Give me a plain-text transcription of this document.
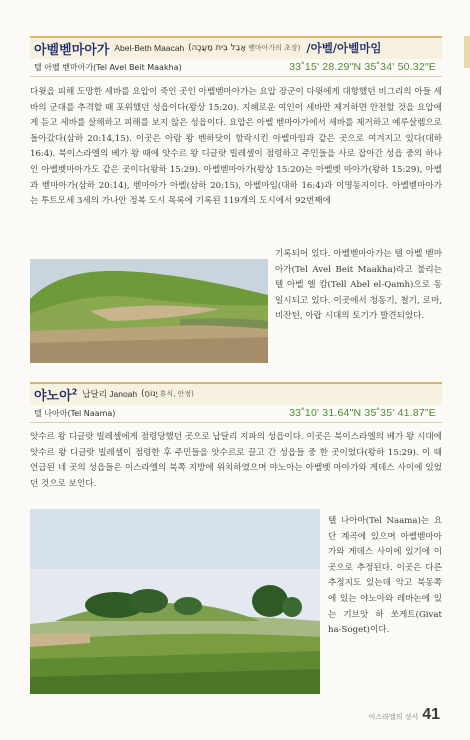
아벨벧마아가 Abel-Beth Maacah (אָבֵל בֵּית מַעֲכָה 벧마아가의 초장) /아벨/아벨마임
텔 아벨 벧마아가(Tel Avel Beit Maakha)	33˚15' 28.29"N 35˚34' 50.32"E

다윗을 피해 도망한 세바를 요압이 죽인 곳인 아벨벧마아가는 요압 장군이 다윗에게 대항했던 비그리의 아들 세바의 군대를 추격할 때 포위했던 성읍이다(왕상 15:20). 지혜로운 여인이 세바만 제거하면 안전할 것을 요압에게 듣고 세바를 살해하고 피해를 보지 않은 성읍이다. 요압은 아벨 벧마아가에서 세바를 제거하고 예루살렘으로 돌아갔다(삼하 20:14,15). 이곳은 아람 왕 벤하닷이 함락시킨 아벨마임과 같은 곳으로 여겨지고 있다(대하 16:4). 북이스라엘의 베가 왕 때에 앗수르 왕 디글랏 빌레셀이 점령하고 주민들을 사로 잡아간 성읍 중의 하나인 아벨벳마아가도 같은 곳이다(왕하 15:29). 아벨벧마아가(왕상 15:20)는 아벨벳 마아가(왕하 15:29), 아벨과 벧마아가(삼하 20:14), 벧마아가 아벨(삼하 20:15), 아벨마임(대하 16:4)과 이명동지이다. 아벨벧마아가는 투트모세 3세의 가나안 정복 도시 목록에 기록된 119개의 도시에서 92번째에

기록되어 있다. 아벨벧마아가는 텔 아벨 벧마아가(Tel Avel Beit Maakha)라고 불리는 텔 아벨 엘 캄(Tell Abel el-Qamh)으로 동일시되고 있다. 이곳에서 청동기, 철기, 로마, 비잔틴, 아랍 시대의 토기가 발견되었다.

야노아$^2$ 납달리 Janoah (יָנוֹחַ 휴식, 안정)
텔 나아마(Tel Naama)	33˚10' 31.64"N 35˚35' 41.87"E

앗수르 왕 디글랏 빌레셀에게 점령당했던 곳으로 납달리 지파의 성읍이다. 이곳은 북이스라엘의 베가 왕 시대에 앗수르 왕 디글랏 빌레셀이 점령한 후 주민들을 앗수르로 끌고 간 성읍들 중 한 곳이었다(왕하 15:29). 이 때 언급된 네 곳의 성읍들은 이스라엘의 북쪽 지방에 위치하였으며 야노아는 아벨벳 마아가와 게데스 사이에 있었던 것으로 보인다.

텔 나아마(Tel Naama)는 요단 계곡에 있으며 아벨벧마아가와 게데스 사이에 있기에 이곳으로 추정된다. 이곳은 다른 추정지도 있는데 악고 북동쪽에 있는 야노아와 레바논에 있는 기브앗 하 쏘게트(Givat ha-Soget)이다.

이스라엘의 성서 41
